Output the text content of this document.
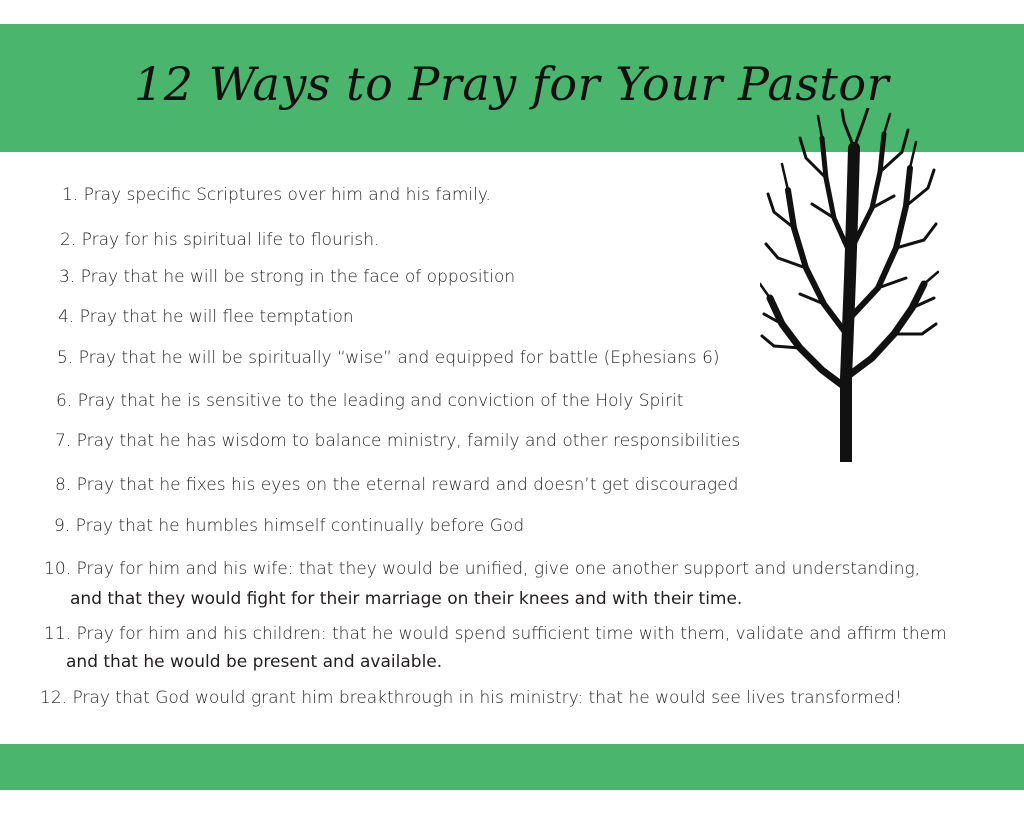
12 Ways to Pray for Your Pastor
1. Pray specific Scriptures over him and his family.
2. Pray for his spiritual life to flourish.
3. Pray that he will be strong in the face of opposition
4. Pray that he will flee temptation
5. Pray that he will be spiritually “wise” and equipped for battle (Ephesians 6)
6. Pray that he is sensitive to the leading and conviction of the Holy Spirit
7. Pray that he has wisdom to balance ministry, family and other responsibilities
8. Pray that he fixes his eyes on the eternal reward and doesn’t get discouraged
9. Pray that he humbles himself continually before God
10. Pray for him and his wife: that they would be unified, give one another support and understanding,
and that they would fight for their marriage on their knees and with their time.
11. Pray for him and his children: that he would spend sufficient time with them, validate and affirm them
and that he would be present and available.
12. Pray that God would grant him breakthrough in his ministry: that he would see lives transformed!
